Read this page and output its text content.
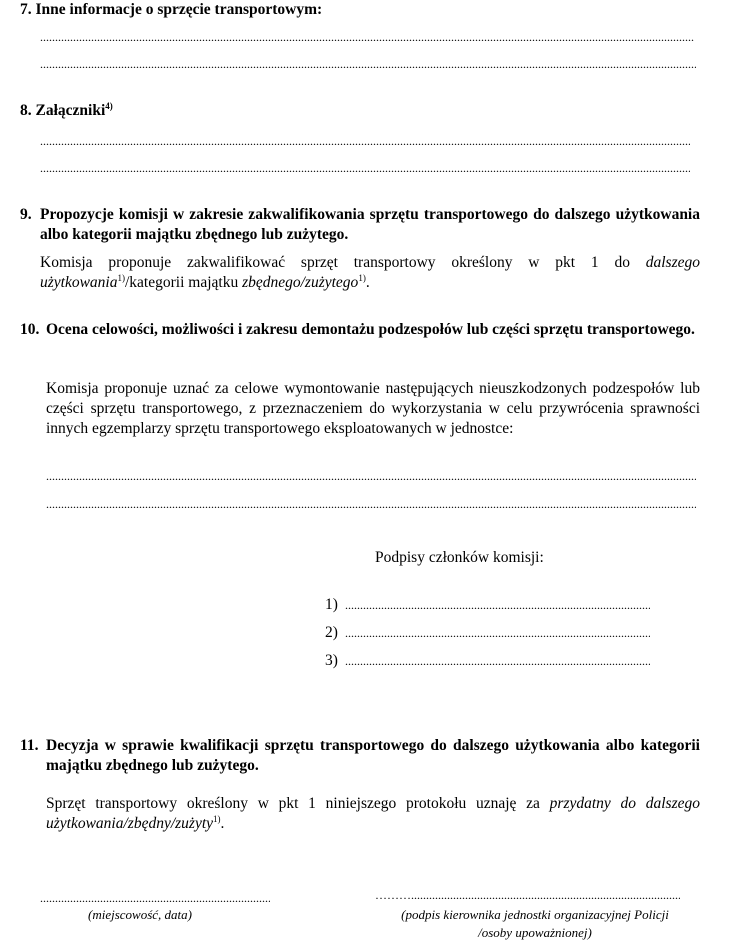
7. Inne informacje o sprzęcie transportowym:
.....
.....
8. Załączniki$^{4)}$
.....
.....
9. Propozycje komisji w zakresie zakwalifikowania sprzętu transportowego do dalszego użytkowania albo kategorii majątku zbędnego lub zużytego.
Komisja proponuje zakwalifikować sprzęt transportowy określony w pkt 1 do dalszego użytkowania$^{1)}$/kategorii majątku zbędnego/zużytego$^{1)}$.
10. Ocena celowości, możliwości i zakresu demontażu podzespołów lub części sprzętu transportowego.
Komisja proponuje uznać za celowe wymontowanie następujących nieuszkodzonych podzespołów lub części sprzętu transportowego, z przeznaczeniem do wykorzystania w celu przywrócenia sprawności innych egzemplarzy sprzętu transportowego eksploatowanych w jednostce:
.....
.....
Podpisy członków komisji:
1)
.....
2)
.....
3)
.....
11. Decyzja w sprawie kwalifikacji sprzętu transportowego do dalszego użytkowania albo kategorii majątku zbędnego lub zużytego.
Sprzęt transportowy określony w pkt 1 niniejszego protokołu uznaję za przydatny do dalszego użytkowania/zbędny/zużyty$^{1)}$.
.....
(miejscowość, data)
………
.....
(podpis kierownika jednostki organizacyjnej Policji
/osoby upoważnionej)
